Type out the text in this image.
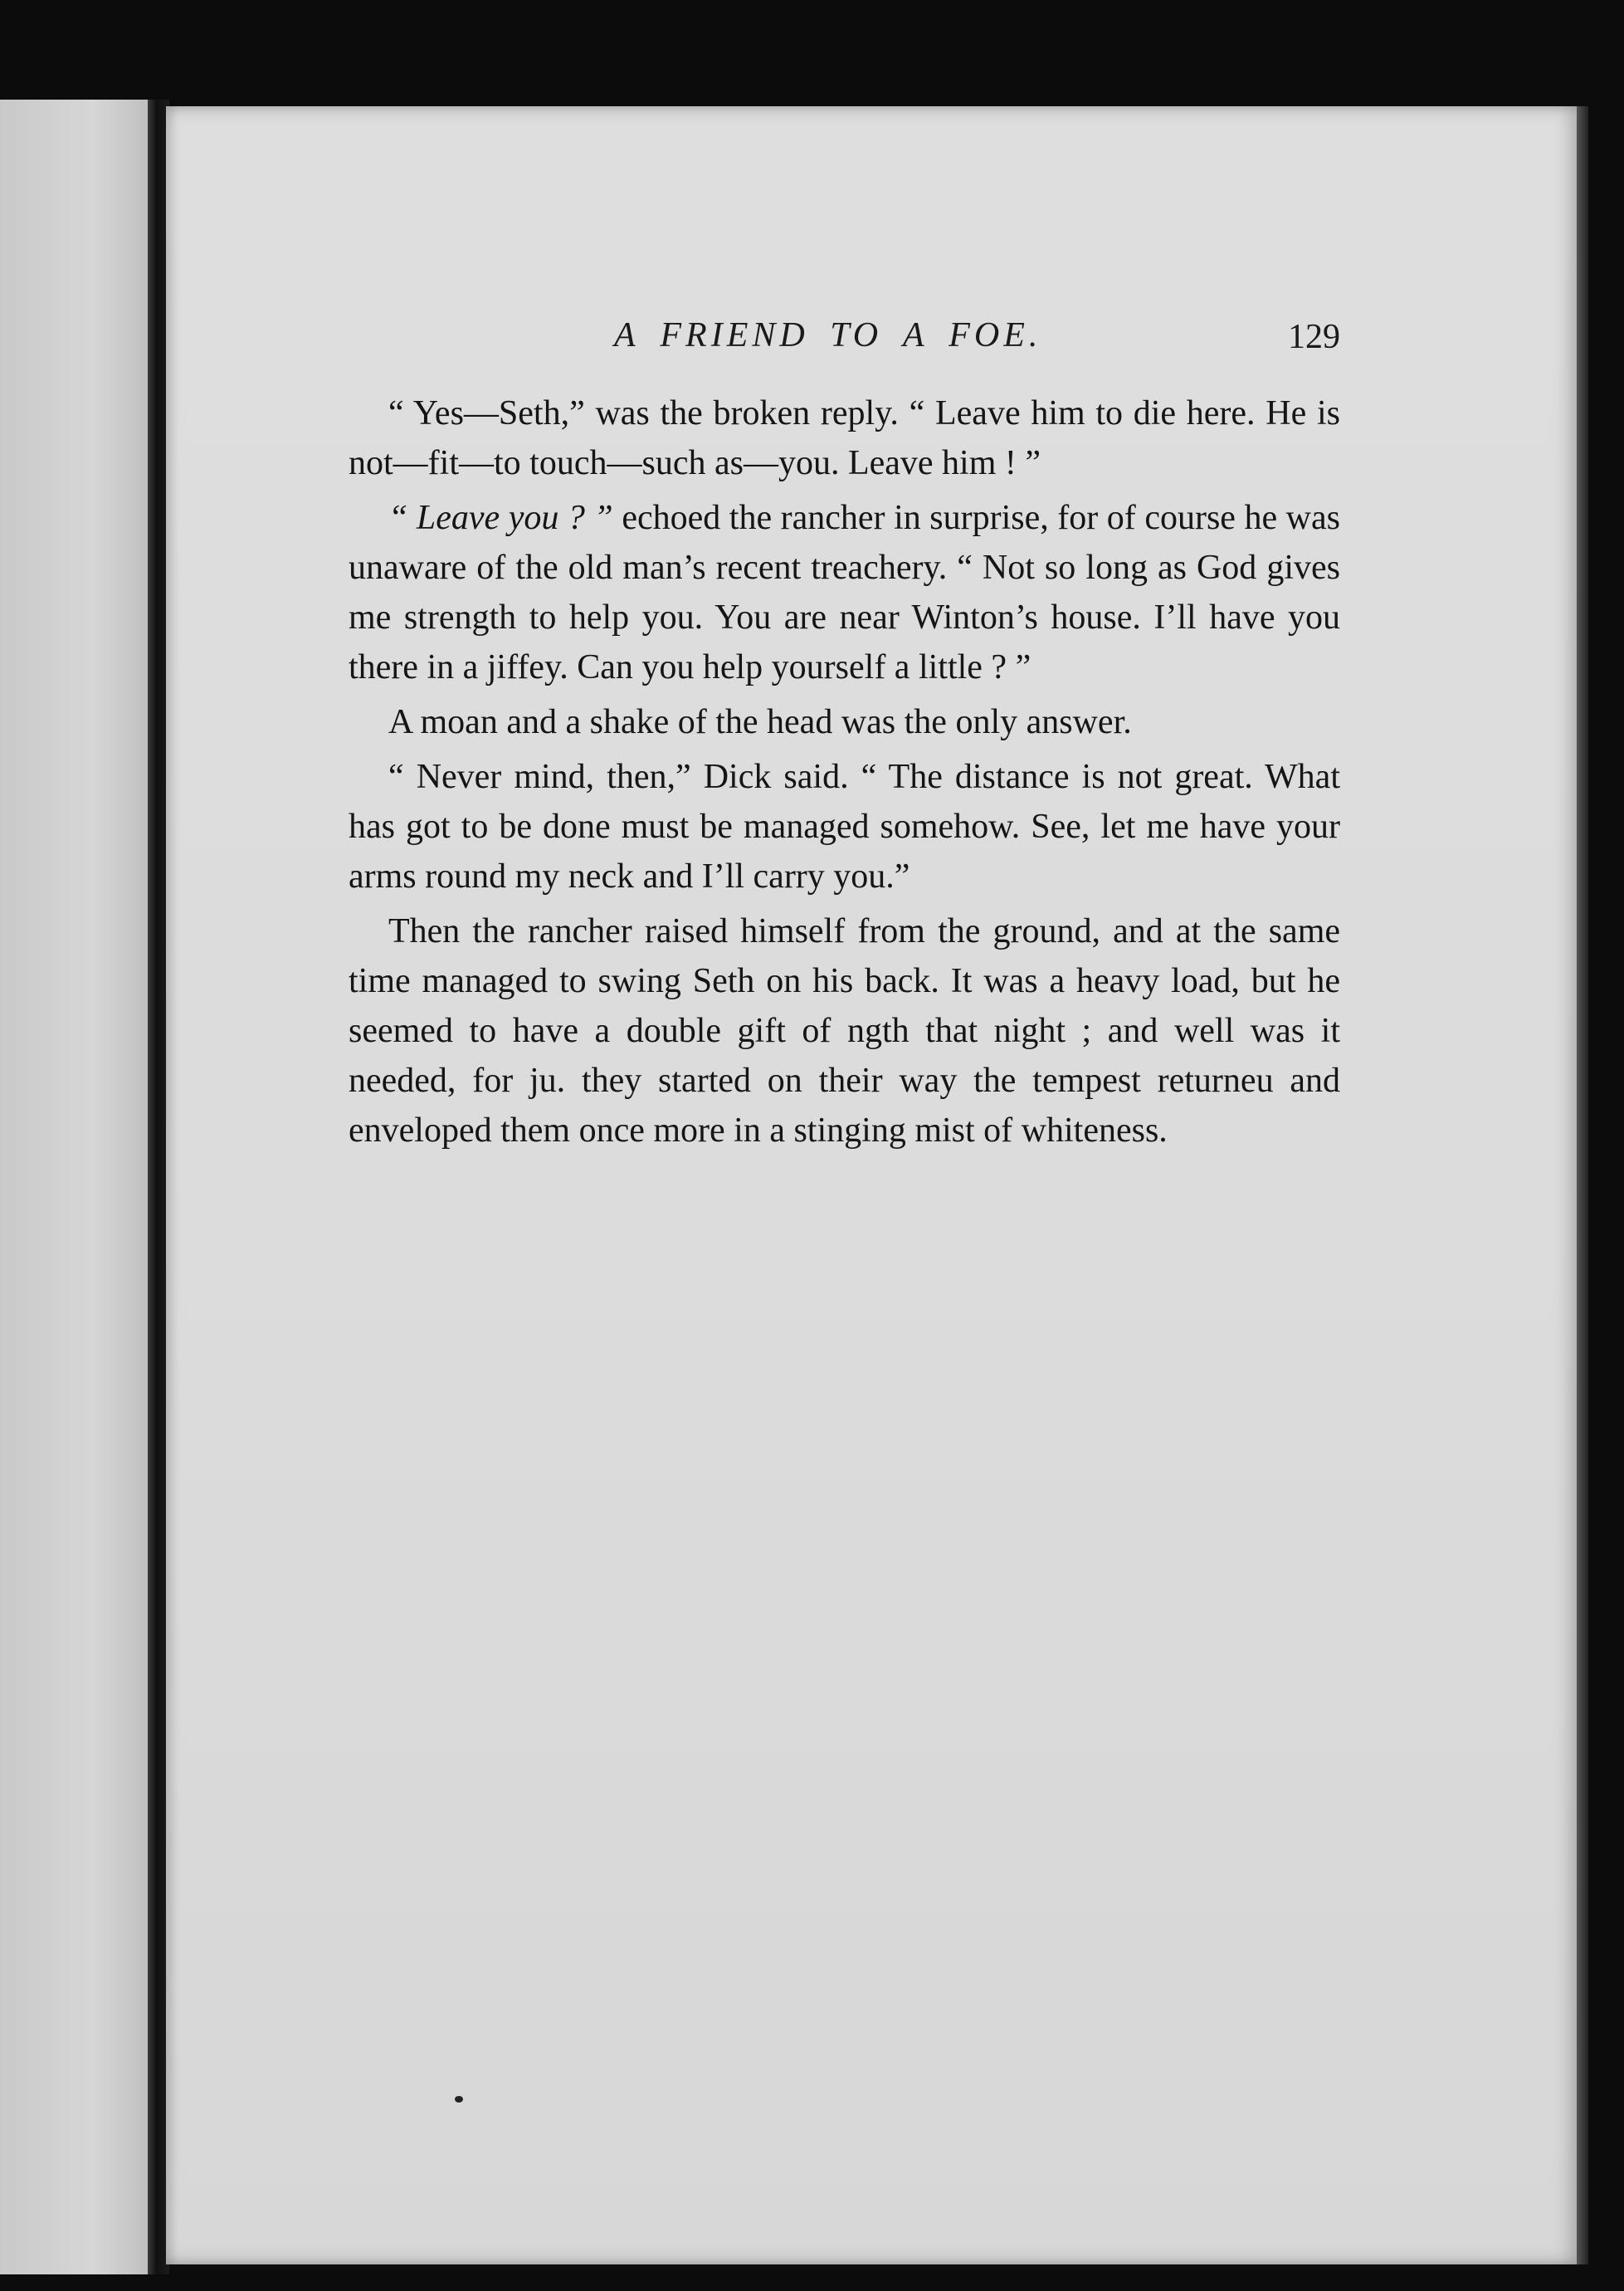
A FRIEND TO A FOE.	129

“ Yes—Seth,” was the broken reply. “ Leave him to die here. He is not—fit—to touch—such as—you. Leave him ! ”

“ Leave you ? ” echoed the rancher in surprise, for of course he was unaware of the old man’s recent treachery. “ Not so long as God gives me strength to help you. You are near Winton’s house. I’ll have you there in a jiffey. Can you help yourself a little ? ”

A moan and a shake of the head was the only answer.

“ Never mind, then,” Dick said. “ The distance is not great. What has got to be done must be managed somehow. See, let me have your arms round my neck and I’ll carry you.”

Then the rancher raised himself from the ground, and at the same time managed to swing Seth on his back. It was a heavy load, but he seemed to have a double gift of ngth that night ; and well was it needed, for ju. they started on their way the tempest returneu and enveloped them once more in a stinging mist of whiteness.
